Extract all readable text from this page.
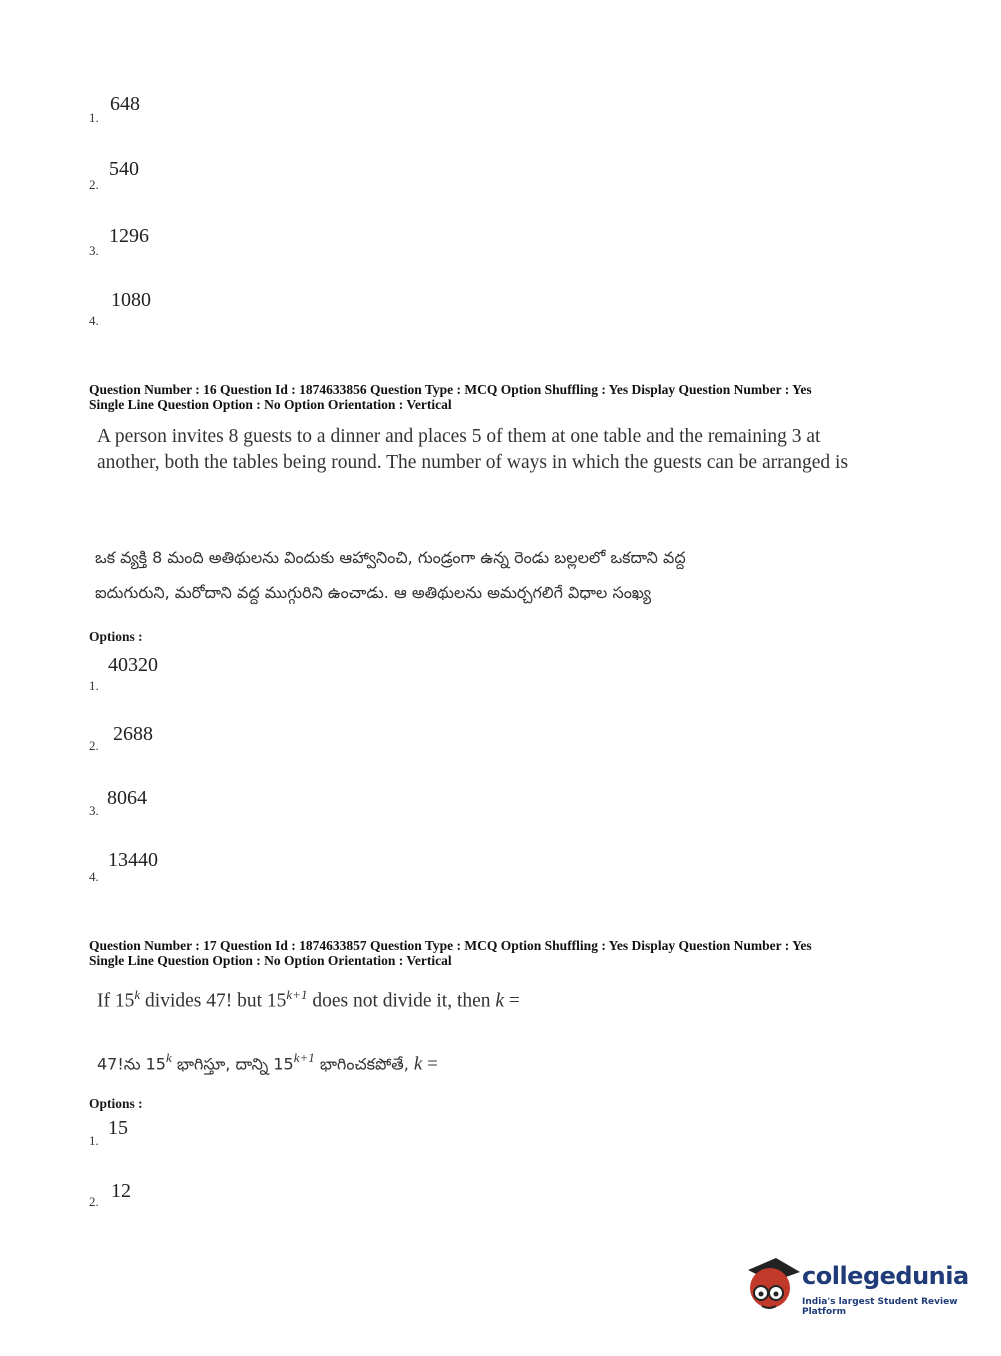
1.
648
2.
540
3.
1296
4.
1080
Question Number : 16 Question Id : 1874633856 Question Type : MCQ Option Shuffling : Yes Display Question Number : Yes
Single Line Question Option : No Option Orientation : Vertical
A person invites 8 guests to a dinner and places 5 of them at one table and the remaining 3 at another, both the tables being round. The number of ways in which the guests can be arranged is
ఒక వ్యక్తి 8 మంది అతిథులను విందుకు ఆహ్వానించి, గుండ్రంగా ఉన్న రెండు బల్లలలో ఒకదాని వద్ద
ఐదుగురుని, మరోదాని వద్ద ముగ్గురిని ఉంచాడు. ఆ అతిథులను అమర్చగలిగే విధాల సంఖ్య
Options :
1.
40320
2.
2688
3.
8064
4.
13440
Question Number : 17 Question Id : 1874633857 Question Type : MCQ Option Shuffling : Yes Display Question Number : Yes
Single Line Question Option : No Option Orientation : Vertical
If 15$^k$ divides 47! but $15^{k+1}$ does not divide it, then k =
47!ను 15$^k$ భాగిస్తూ, దాన్ని $15^{k+1}$ భాగించకపోతే, k =
Options :
1.
15
2. 12
collegedunia
India's largest Student Review Platform
